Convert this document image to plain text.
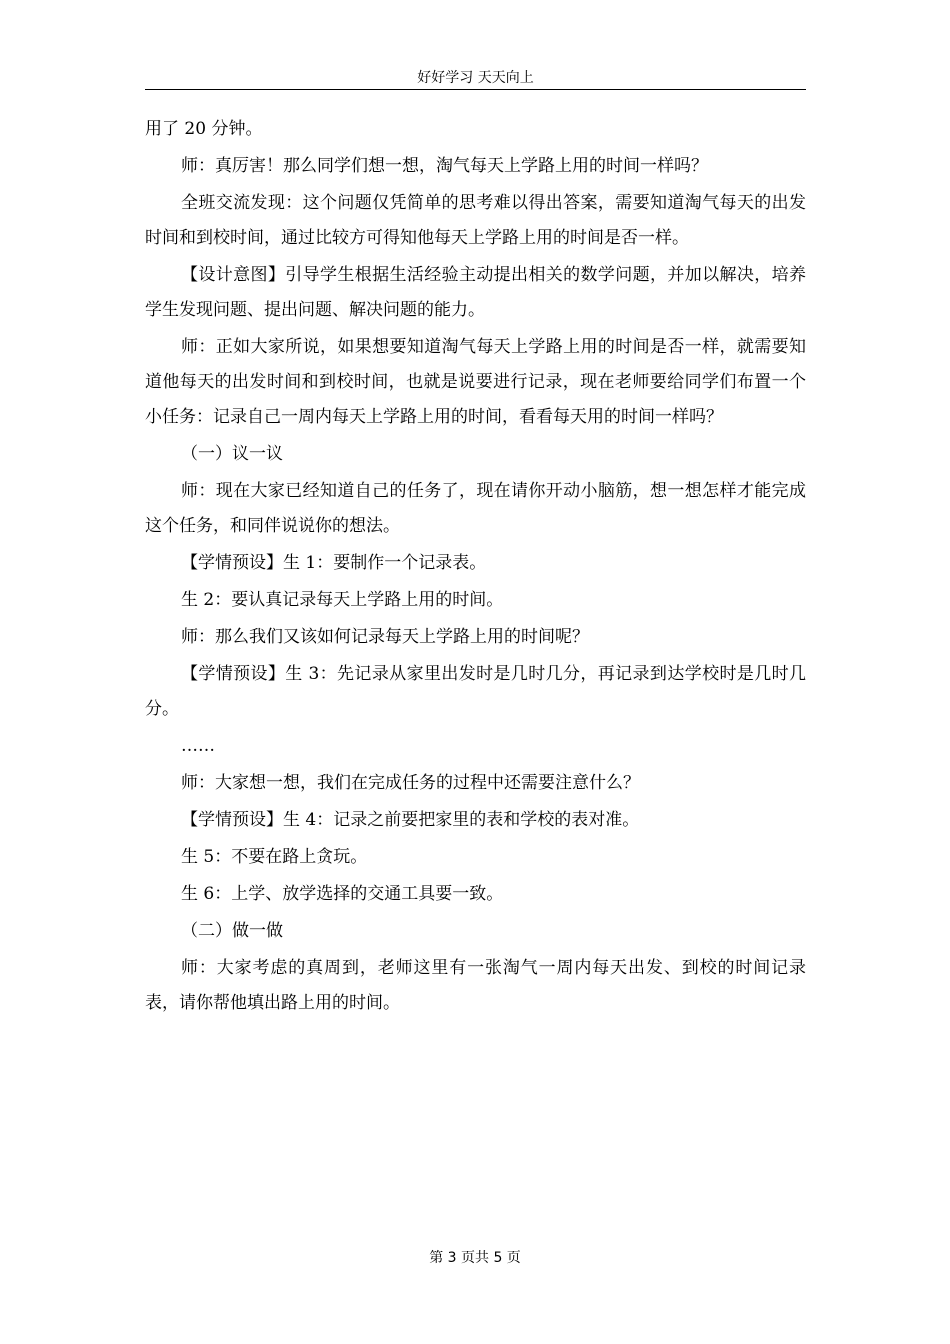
好好学习 天天向上

用了 20 分钟。

师：真厉害！那么同学们想一想，淘气每天上学路上用的时间一样吗？

全班交流发现：这个问题仅凭简单的思考难以得出答案，需要知道淘气每天的出发时间和到校时间，通过比较方可得知他每天上学路上用的时间是否一样。

【设计意图】引导学生根据生活经验主动提出相关的数学问题，并加以解决，培养学生发现问题、提出问题、解决问题的能力。

师：正如大家所说，如果想要知道淘气每天上学路上用的时间是否一样，就需要知道他每天的出发时间和到校时间，也就是说要进行记录，现在老师要给同学们布置一个小任务：记录自己一周内每天上学路上用的时间，看看每天用的时间一样吗？

（一）议一议

师：现在大家已经知道自己的任务了，现在请你开动小脑筋，想一想怎样才能完成这个任务，和同伴说说你的想法。

【学情预设】生 1：要制作一个记录表。

生 2：要认真记录每天上学路上用的时间。

师：那么我们又该如何记录每天上学路上用的时间呢？

【学情预设】生 3：先记录从家里出发时是几时几分，再记录到达学校时是几时几分。

……

师：大家想一想，我们在完成任务的过程中还需要注意什么？

【学情预设】生 4：记录之前要把家里的表和学校的表对准。

生 5：不要在路上贪玩。

生 6：上学、放学选择的交通工具要一致。

（二）做一做

师：大家考虑的真周到，老师这里有一张淘气一周内每天出发、到校的时间记录表，请你帮他填出路上用的时间。

第 3 页共 5 页
